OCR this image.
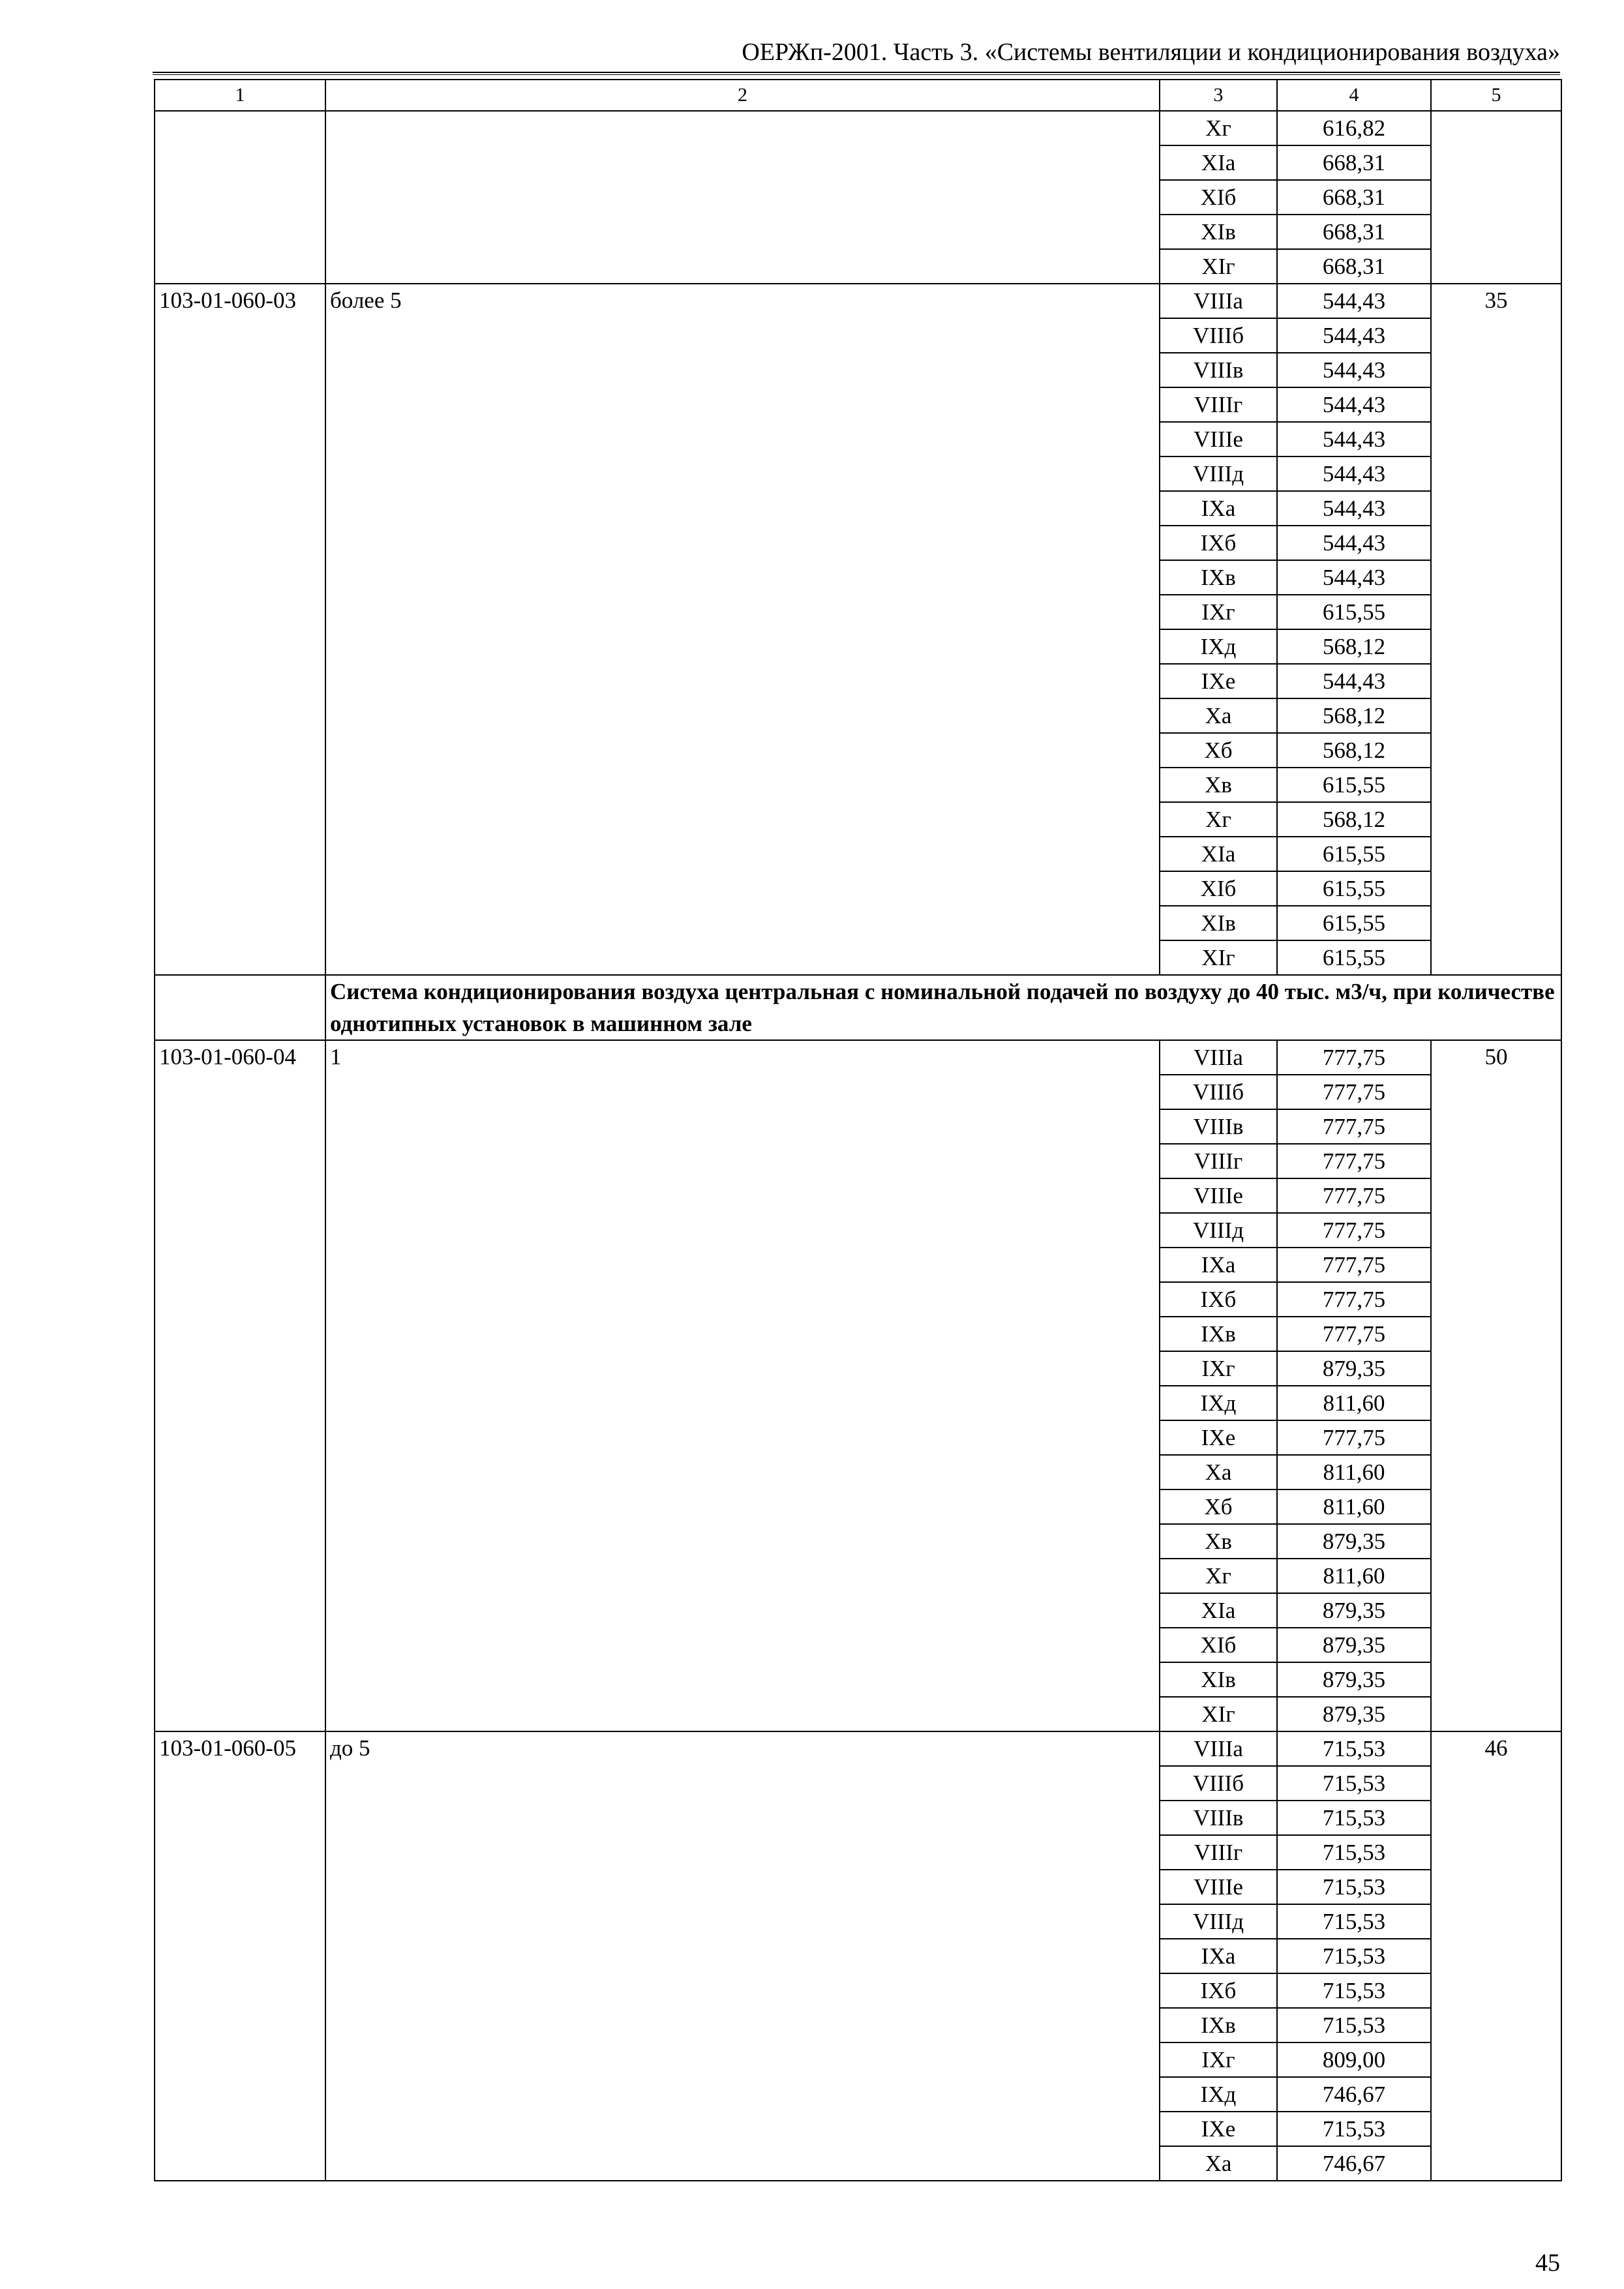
ОЕРЖп-2001. Часть 3. «Системы вентиляции и кондиционирования воздуха»
1	2	3	4	5
		Xг	616,82	
		XIа	668,31	
		XIб	668,31	
		XIв	668,31	
		XIг	668,31	
103-01-060-03	более 5	VIIIа	544,43	35
		VIIIб	544,43	
		VIIIв	544,43	
		VIIIг	544,43	
		VIIIе	544,43	
		VIIIд	544,43	
		IXа	544,43	
		IXб	544,43	
		IXв	544,43	
		IXг	615,55	
		IXд	568,12	
		IXе	544,43	
		Xа	568,12	
		Xб	568,12	
		Xв	615,55	
		Xг	568,12	
		XIа	615,55	
		XIб	615,55	
		XIв	615,55	
		XIг	615,55	
	Система кондиционирования воздуха центральная с номинальной подачей по воздуху до 40 тыс. м3/ч, при количестве однотипных установок в машинном зале			
103-01-060-04	1	VIIIа	777,75	50
		VIIIб	777,75	
		VIIIв	777,75	
		VIIIг	777,75	
		VIIIе	777,75	
		VIIIд	777,75	
		IXа	777,75	
		IXб	777,75	
		IXв	777,75	
		IXг	879,35	
		IXд	811,60	
		IXе	777,75	
		Xа	811,60	
		Xб	811,60	
		Xв	879,35	
		Xг	811,60	
		XIа	879,35	
		XIб	879,35	
		XIв	879,35	
		XIг	879,35	
103-01-060-05	до 5	VIIIа	715,53	46
		VIIIб	715,53	
		VIIIв	715,53	
		VIIIг	715,53	
		VIIIе	715,53	
		VIIIд	715,53	
		IXа	715,53	
		IXб	715,53	
		IXв	715,53	
		IXг	809,00	
		IXд	746,67	
		IXе	715,53	
		Xа	746,67	
45
